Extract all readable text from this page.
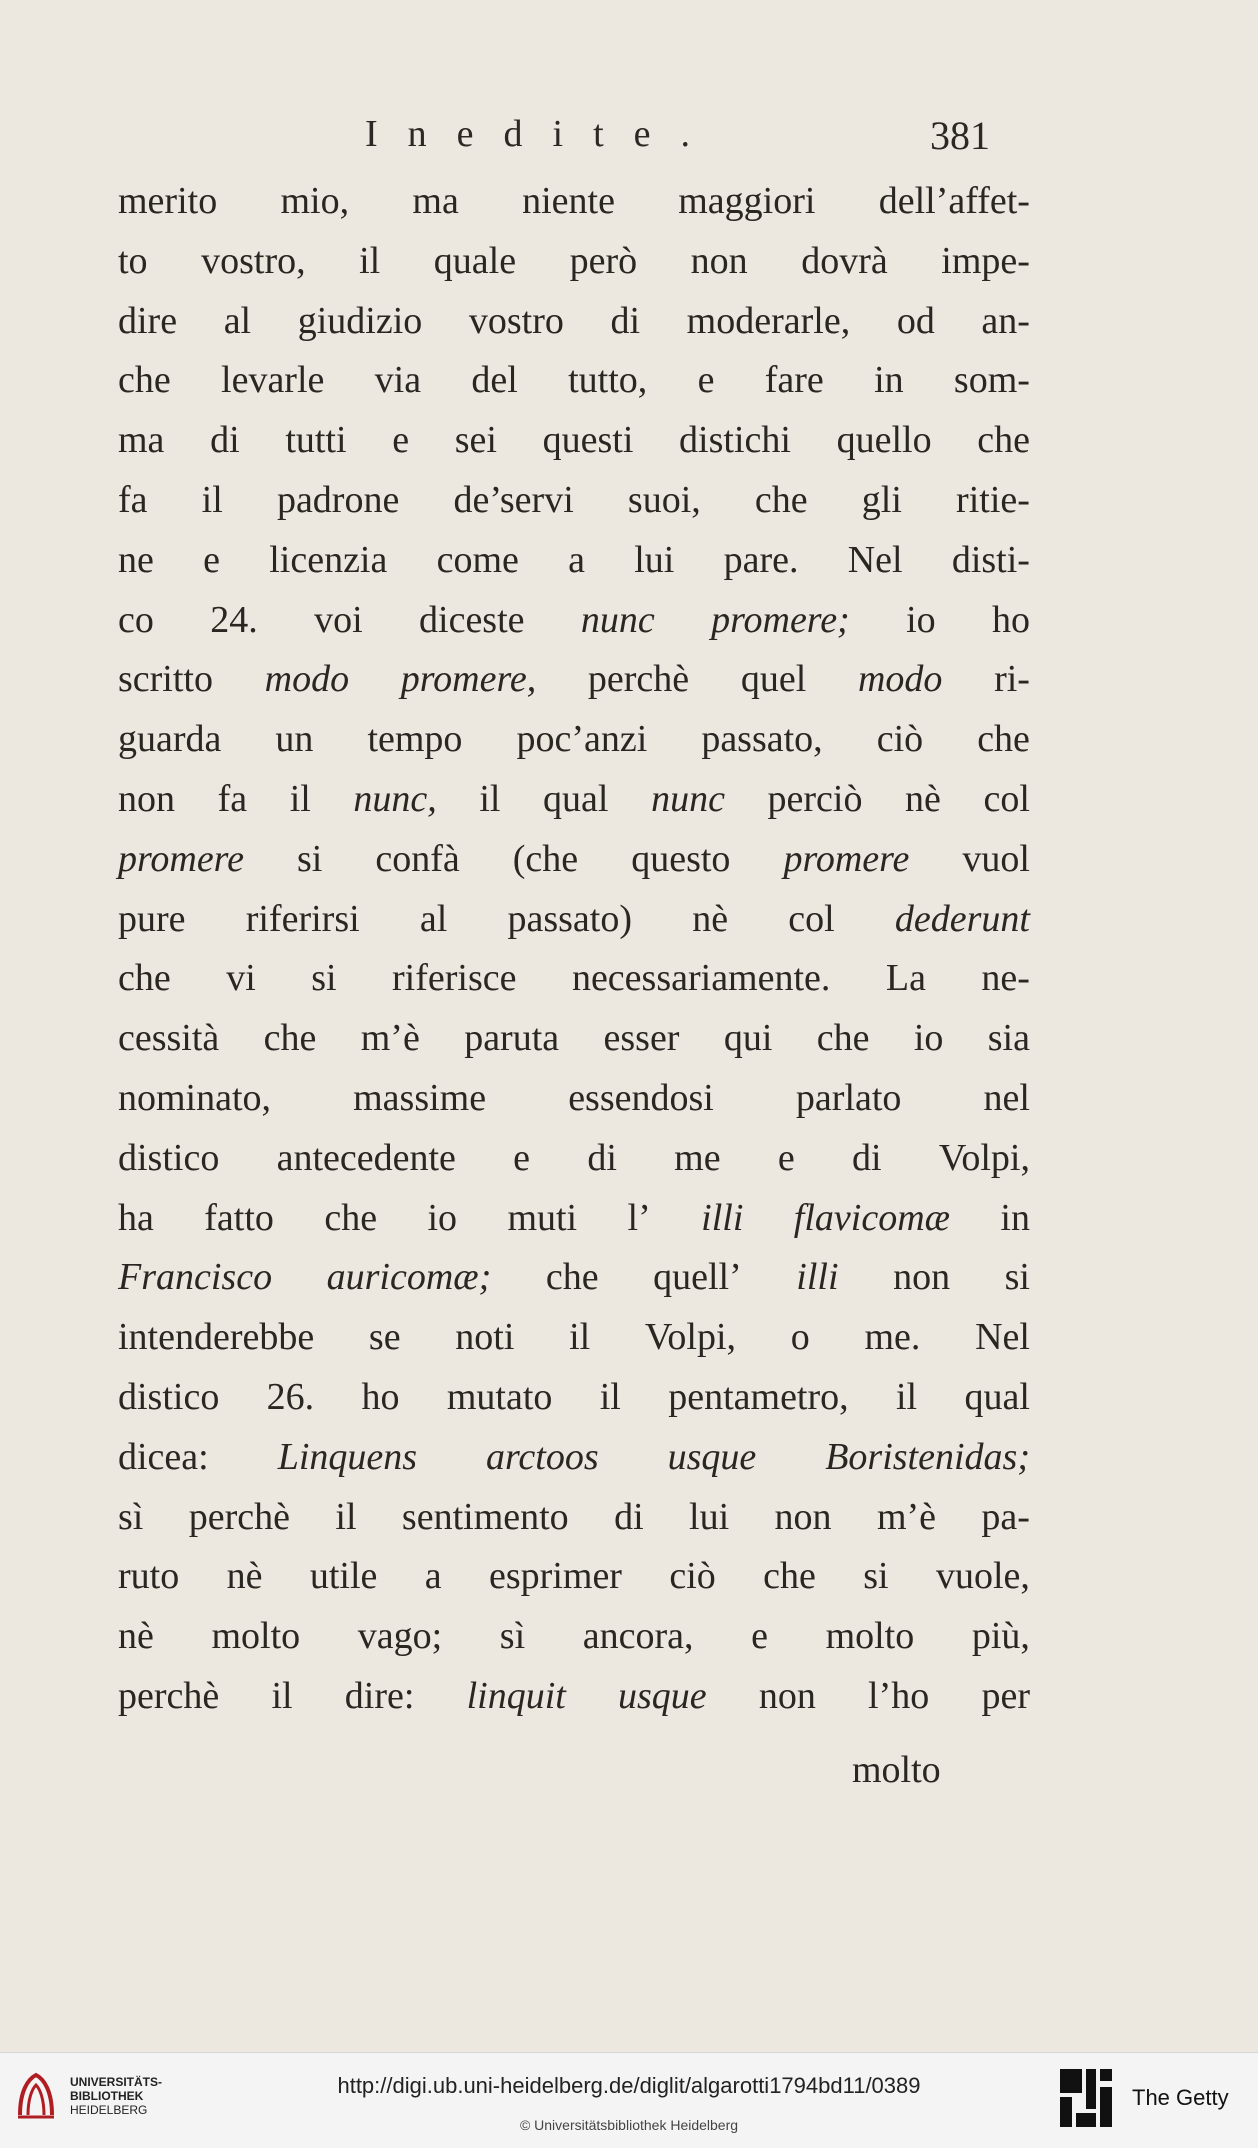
Inedite.	381
merito mio, ma niente maggiori dell’affet-
to vostro, il quale però non dovrà impe-
dire al giudizio vostro di moderarle, od an-
che levarle via del tutto, e fare in som-
ma di tutti e sei questi distichi quello che
fa il padrone de’servi suoi, che gli ritie-
ne e licenzia come a lui pare. Nel disti-
co 24. voi diceste nunc promere; io ho
scritto modo promere, perchè quel modo ri-
guarda un tempo poc’anzi passato, ciò che
non fa il nunc, il qual nunc perciò nè col
promere si confà (che questo promere vuol
pure riferirsi al passato) nè col dederunt
che vi si riferisce necessariamente. La ne-
cessità che m’è paruta esser qui che io sia
nominato, massime essendosi parlato nel
distico antecedente e di me e di Volpi,
ha fatto che io muti l’ illi flavicomæ in
Francisco auricomæ; che quell’ illi non si
intenderebbe se noti il Volpi, o me. Nel
distico 26. ho mutato il pentametro, il qual
dicea: Linquens arctoos usque Boristenidas;
sì perchè il sentimento di lui non m’è pa-
ruto nè utile a esprimer ciò che si vuole,
nè molto vago; sì ancora, e molto più,
perchè il dire: linquit usque non l’ho per
molto
UNIVERSITÄTS-
BIBLIOTHEK
HEIDELBERG
http://digi.ub.uni-heidelberg.de/diglit/algarotti1794bd11/0389
© Universitätsbibliothek Heidelberg
The Getty
